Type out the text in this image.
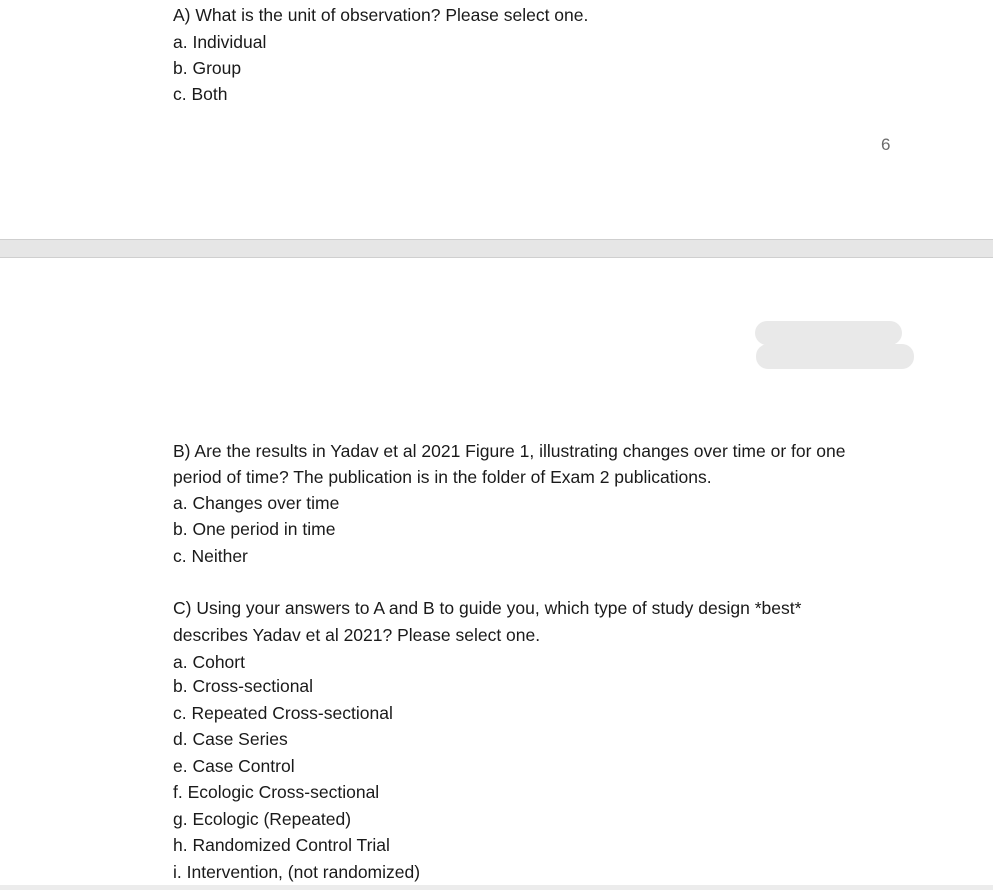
A) What is the unit of observation? Please select one.
a. Individual
b. Group
c. Both
6
B) Are the results in Yadav et al 2021 Figure 1, illustrating changes over time or for one
period of time? The publication is in the folder of Exam 2 publications.
a. Changes over time
b. One period in time
c. Neither
C) Using your answers to A and B to guide you, which type of study design *best*
describes Yadav et al 2021? Please select one.
a. Cohort
b. Cross-sectional
c. Repeated Cross-sectional
d. Case Series
e. Case Control
f. Ecologic Cross-sectional
g. Ecologic (Repeated)
h. Randomized Control Trial
i. Intervention, (not randomized)
